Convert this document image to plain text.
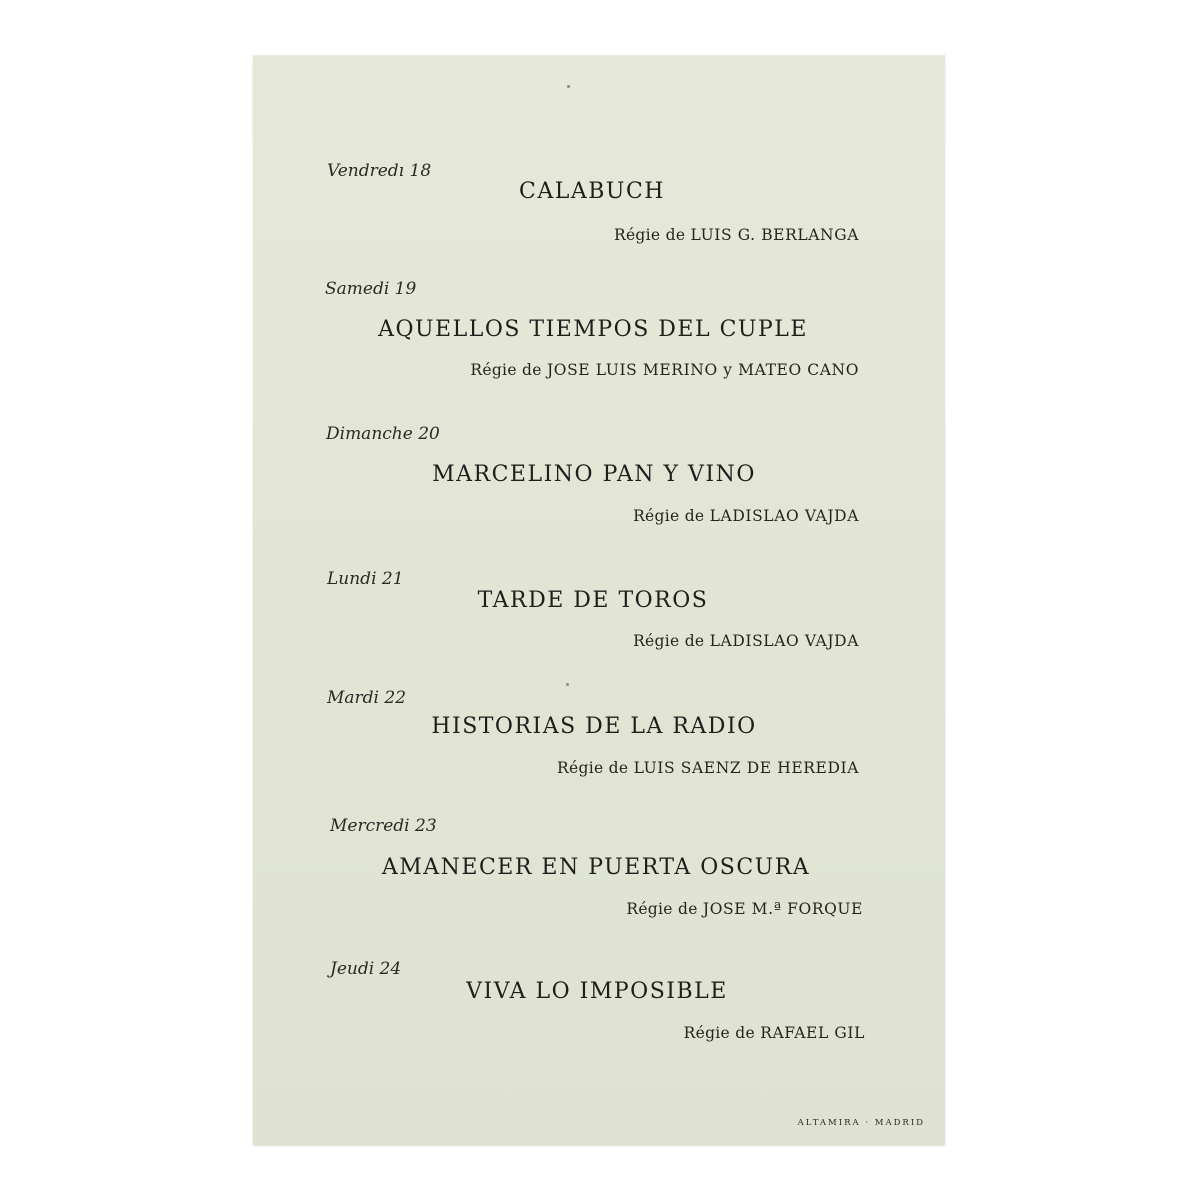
Vendredı 18
CALABUCH
Régie de LUIS G. BERLANGA
Samedi 19
AQUELLOS TIEMPOS DEL CUPLE
Régie de JOSE LUIS MERINO y MATEO CANO
Dimanche 20
MARCELINO PAN Y VINO
Régie de LADISLAO VAJDA
Lundi 21
TARDE DE TOROS
Régie de LADISLAO VAJDA
Mardi 22
HISTORIAS DE LA RADIO
Régie de LUIS SAENZ DE HEREDIA
Mercredi 23
AMANECER EN PUERTA OSCURA
Régie de JOSE M.ª FORQUE
Jeudi 24
VIVA LO IMPOSIBLE
Régie de RAFAEL GIL
ALTAMIRA · MADRID
